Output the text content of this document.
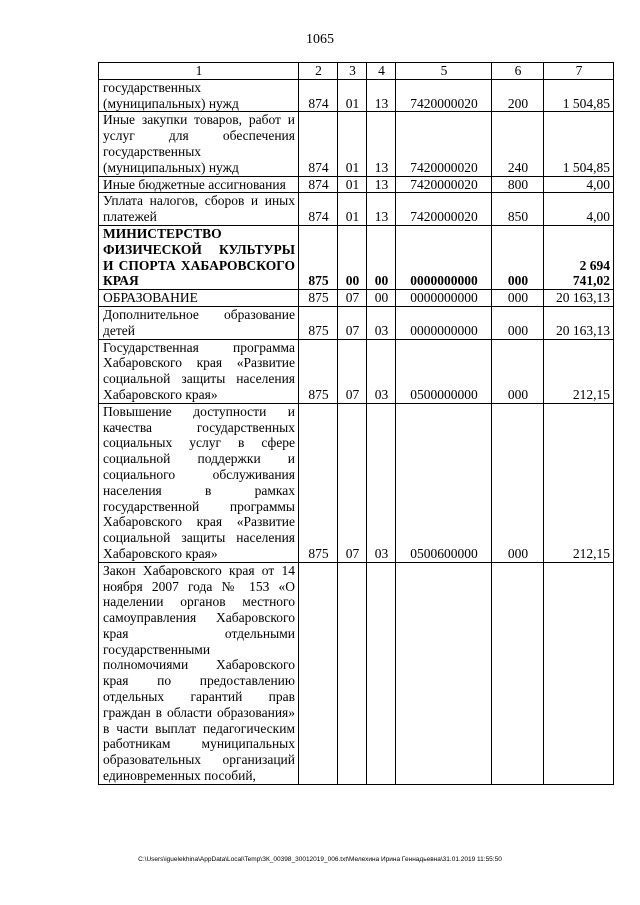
1065
1	2	3	4	5	6	7
государственных (муниципальных) нужд	874	01	13	7420000020	200	1 504,85
Иные закупки товаров, работ и услуг для обеспечения государственных (муниципальных) нужд	874	01	13	7420000020	240	1 504,85
Иные бюджетные ассигнования	874	01	13	7420000020	800	4,00
Уплата налогов, сборов и иных платежей	874	01	13	7420000020	850	4,00
МИНИСТЕРСТВО ФИЗИЧЕСКОЙ КУЛЬТУРЫ И СПОРТА ХАБАРОВСКОГО КРАЯ	875	00	00	0000000000	000	2 694 741,02
ОБРАЗОВАНИЕ	875	07	00	0000000000	000	20 163,13
Дополнительное образование детей	875	07	03	0000000000	000	20 163,13
Государственная программа Хабаровского края «Развитие социальной защиты населения Хабаровского края»	875	07	03	0500000000	000	212,15
Повышение доступности и качества государственных социальных услуг в сфере социальной поддержки и социального обслуживания населения в рамках государственной программы Хабаровского края «Развитие социальной защиты населения Хабаровского края»	875	07	03	0500600000	000	212,15
Закон Хабаровского края от 14 ноября 2007 года № 153 «О наделении органов местного самоуправления Хабаровского края отдельными государственными полномочиями Хабаровского края по предоставлению отдельных гарантий прав граждан в области образования» в части выплат педагогическим работникам муниципальных образовательных организаций единовременных пособий,						
C:\Users\iguelekhina\AppData\Local\Temp\ЗК_00398_30012019_006.txt\Мелехина Ирина Геннадьевна\31.01.2019 11:55:50
